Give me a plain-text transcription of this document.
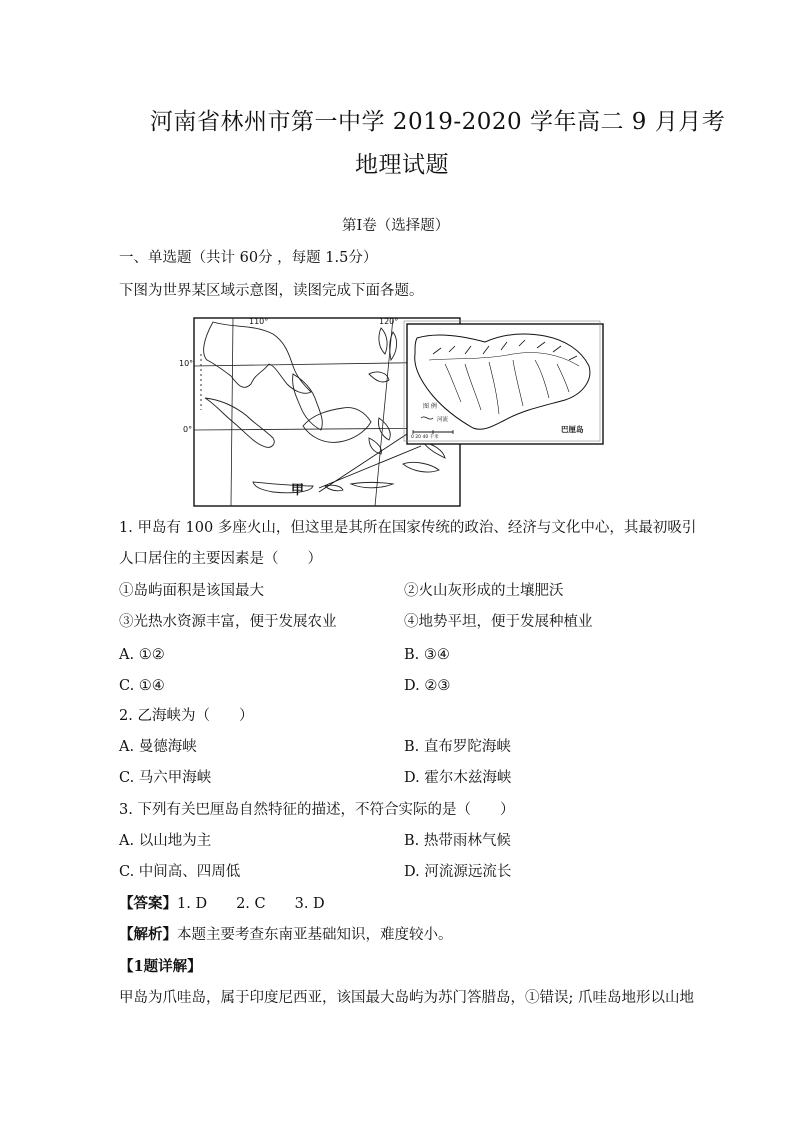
河南省林州市第一中学 2019-2020 学年高二 9 月月考
地理试题
第Ⅰ卷（选择题）
一、单选题（共计 60分 ，每题 1.5分）
下图为世界某区域示意图，读图完成下面各题。
110°	120°
10°
0°
甲
图 例
河流
0 20 40 千米
巴厘岛
1. 甲岛有 100 多座火山，但这里是其所在国家传统的政治、经济与文化中心，其最初吸引
人口居住的主要因素是（　　）
①岛屿面积是该国最大	②火山灰形成的土壤肥沃
③光热水资源丰富，便于发展农业	④地势平坦，便于发展种植业
A. ①②	B. ③④
C. ①④	D. ②③
2. 乙海峡为（　　）
A. 曼德海峡	B. 直布罗陀海峡
C. 马六甲海峡	D. 霍尔木兹海峡
3. 下列有关巴厘岛自然特征的描述，不符合实际的是（　　）
A. 以山地为主	B. 热带雨林气候
C. 中间高、四周低	D. 河流源远流长
【答案】1. D　　2. C　　3. D
【解析】本题主要考查东南亚基础知识，难度较小。
【1题详解】
甲岛为爪哇岛，属于印度尼西亚，该国最大岛屿为苏门答腊岛，①错误; 爪哇岛地形以山地
